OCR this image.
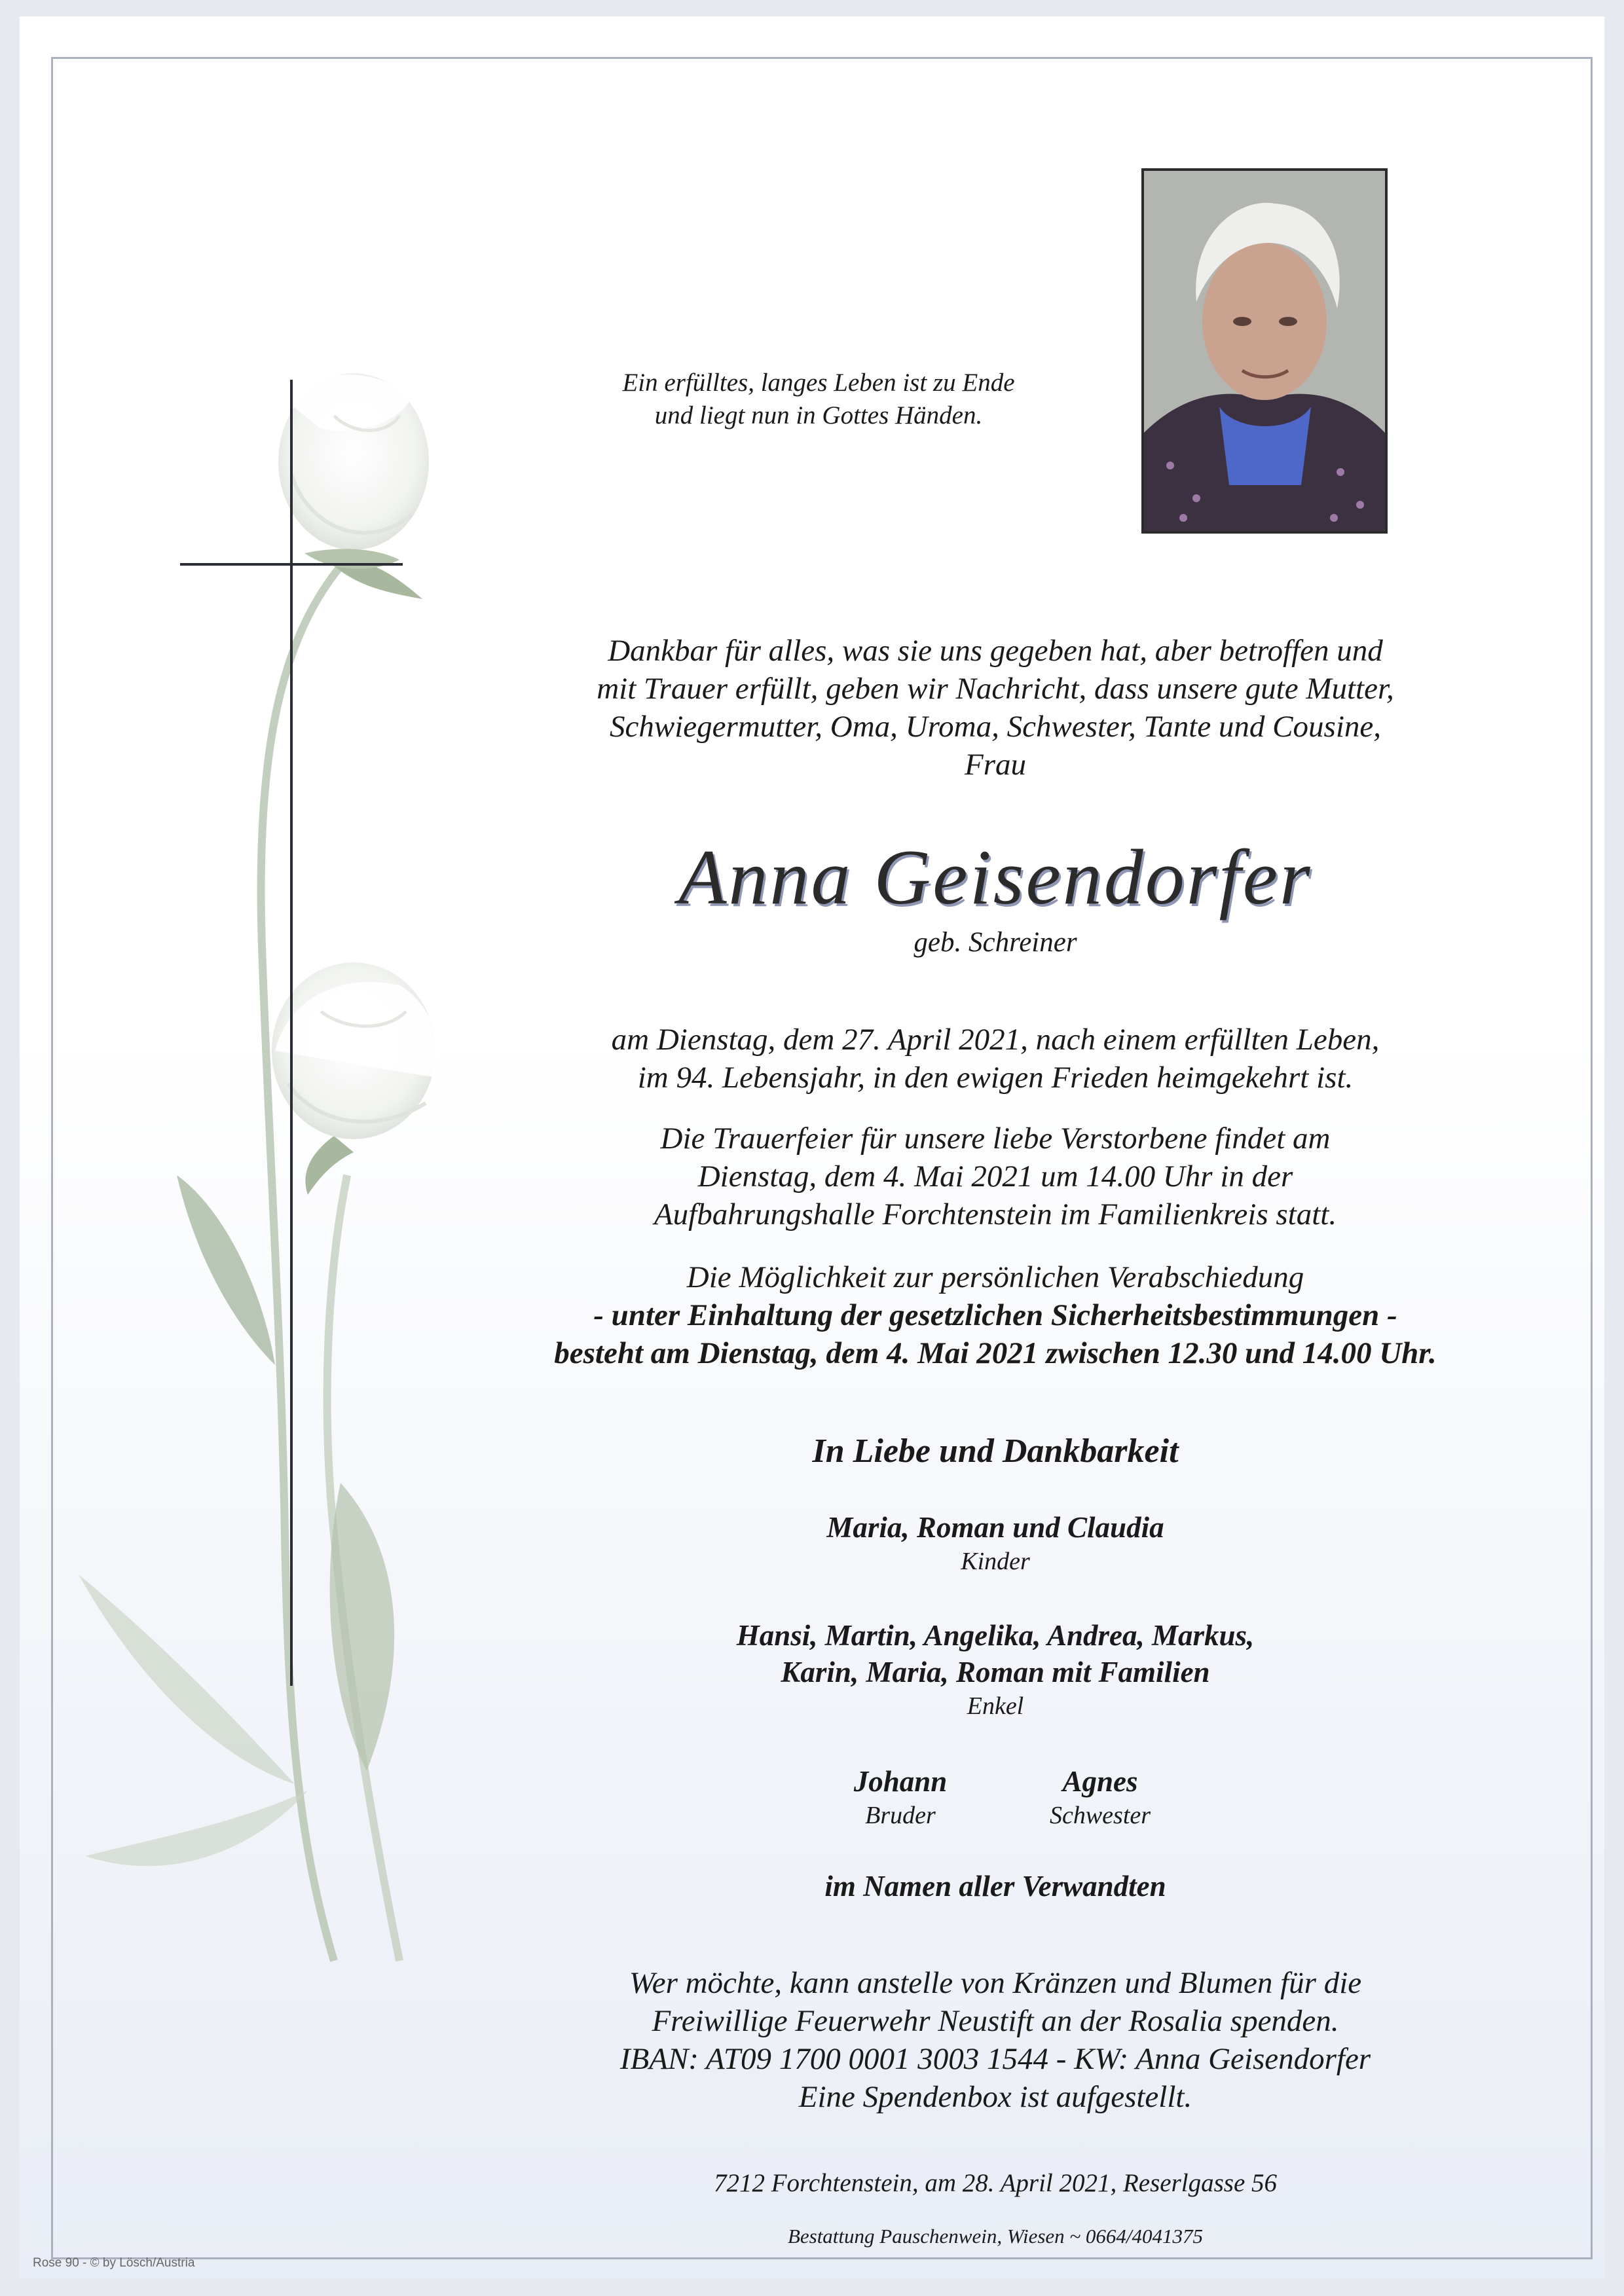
Ein erfülltes, langes Leben ist zu Ende
und liegt nun in Gottes Händen.
Dankbar für alles, was sie uns gegeben hat, aber betroffen und
mit Trauer erfüllt, geben wir Nachricht, dass unsere gute Mutter,
Schwiegermutter, Oma, Uroma, Schwester, Tante und Cousine,
Frau
Anna Geisendorfer
geb. Schreiner
am Dienstag, dem 27. April 2021, nach einem erfüllten Leben,
im 94. Lebensjahr, in den ewigen Frieden heimgekehrt ist.
Die Trauerfeier für unsere liebe Verstorbene findet am
Dienstag, dem 4. Mai 2021 um 14.00 Uhr in der
Aufbahrungshalle Forchtenstein im Familienkreis statt.
Die Möglichkeit zur persönlichen Verabschiedung
- unter Einhaltung der gesetzlichen Sicherheitsbestimmungen -
besteht am Dienstag, dem 4. Mai 2021 zwischen 12.30 und 14.00 Uhr.
In Liebe und Dankbarkeit
Maria, Roman und Claudia
Kinder
Hansi, Martin, Angelika, Andrea, Markus,
Karin, Maria, Roman mit Familien
Enkel
Johann
Bruder
Agnes
Schwester
im Namen aller Verwandten
Wer möchte, kann anstelle von Kränzen und Blumen für die
Freiwillige Feuerwehr Neustift an der Rosalia spenden.
IBAN: AT09 1700 0001 3003 1544 - KW: Anna Geisendorfer
Eine Spendenbox ist aufgestellt.
7212 Forchtenstein, am 28. April 2021, Reserlgasse 56
Bestattung Pauschenwein, Wiesen ~ 0664/4041375
Rose 90 - © by Lösch/Austria
